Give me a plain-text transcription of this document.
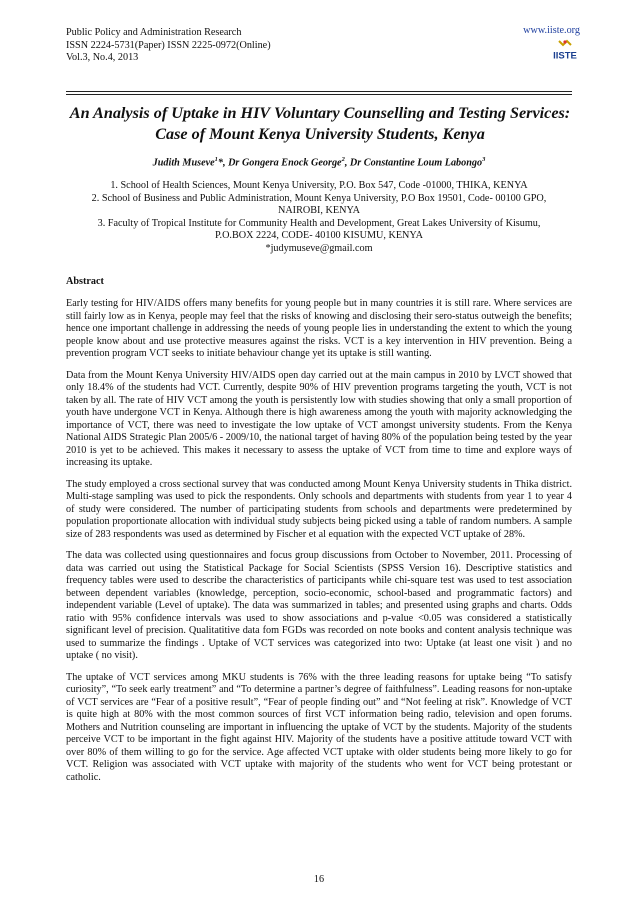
Public Policy and Administration Research
ISSN 2224-5731(Paper) ISSN 2225-0972(Online)
Vol.3, No.4, 2013
www.iiste.org
IISTE
An Analysis of Uptake in HIV Voluntary Counselling and Testing Services: Case of Mount Kenya University Students, Kenya
Judith Museve$^1$*, Dr Gongera Enock George$^2$, Dr Constantine Loum Labongo$^3$
1. School of Health Sciences, Mount Kenya University, P.O. Box 547, Code -01000, THIKA, KENYA
2. School of Business and Public Administration, Mount Kenya University, P.O Box 19501, Code- 00100 GPO, NAIROBI, KENYA
3. Faculty of Tropical Institute for Community Health and Development, Great Lakes University of Kisumu, P.O.BOX 2224, CODE- 40100 KISUMU, KENYA
*judymuseve@gmail.com
Abstract

Early testing for HIV/AIDS offers many benefits for young people but in many countries it is still rare. Where services are still fairly low as in Kenya, people may feel that the risks of knowing and disclosing their sero-status outweigh the benefits; hence one important challenge in addressing the needs of young people lies in understanding the extent to which the young people know about and use protective measures against the risks. VCT is a key intervention in HIV prevention. Being a prevention program VCT seeks to initiate behaviour change yet its uptake is still wanting.

Data from the Mount Kenya University HIV/AIDS open day carried out at the main campus in 2010 by LVCT showed that only 18.4% of the students had VCT. Currently, despite 90% of HIV prevention programs targeting the youth, VCT is not taken by all. The rate of HIV VCT among the youth is persistently low with studies showing that only a small proportion of youth have undergone VCT in Kenya. Although there is high awareness among the youth with majority acknowledging the importance of VCT, there was need to investigate the low uptake of VCT amongst university students. From the Kenya National AIDS Strategic Plan 2005/6 - 2009/10, the national target of having 80% of the population being tested by the year 2010 is yet to be achieved. This makes it necessary to assess the uptake of VCT from time to time and explore ways of increasing its uptake.

The study employed a cross sectional survey that was conducted among Mount Kenya University students in Thika district. Multi-stage sampling was used to pick the respondents. Only schools and departments with students from year 1 to year 4 of study were considered. The number of participating students from schools and departments were predetermined by population proportionate allocation with individual study subjects being picked using a table of random numbers. A sample size of 283 respondents was used as determined by Fischer et al equation with the expected VCT uptake of 28%.

The data was collected using questionnaires and focus group discussions from October to November, 2011. Processing of data was carried out using the Statistical Package for Social Scientists (SPSS Version 16). Descriptive statistics and frequency tables were used to describe the characteristics of participants while chi-square test was used to test association between dependent variables (knowledge, perception, socio-economic, school-based and programmatic factors) and independent variable (Level of uptake). The data was summarized in tables; and presented using graphs and charts. Odds ratio with 95% confidence intervals was used to show associations and p-value <0.05 was considered a statistically significant level of precision. Qualitatitive data fom FGDs was recorded on note books and content analysis technique was used to summarize the findings . Uptake of VCT services was categorized into two: Uptake (at least one visit ) and no uptake ( no visit).

The uptake of VCT services among MKU students is 76% with the three leading reasons for uptake being “To satisfy curiosity”, “To seek early treatment” and “To determine a partner’s degree of faithfulness”. Leading reasons for non-uptake of VCT services are “Fear of a positive result”, “Fear of people finding out” and “Not feeling at risk”. Knowledge of VCT is quite high at 80% with the most common sources of first VCT information being radio, television and open forums. Mothers and Nutrition counseling are important in influencing the uptake of VCT by the students. Majority of the students perceive VCT to be important in the fight against HIV. Majority of the students have a positive attitude toward VCT with over 80% of them willing to go for the service. Age affected VCT uptake with older students being more likely to go for VCT. Religion was associated with VCT uptake with majority of the students who went for VCT being protestant or catholic.

16
